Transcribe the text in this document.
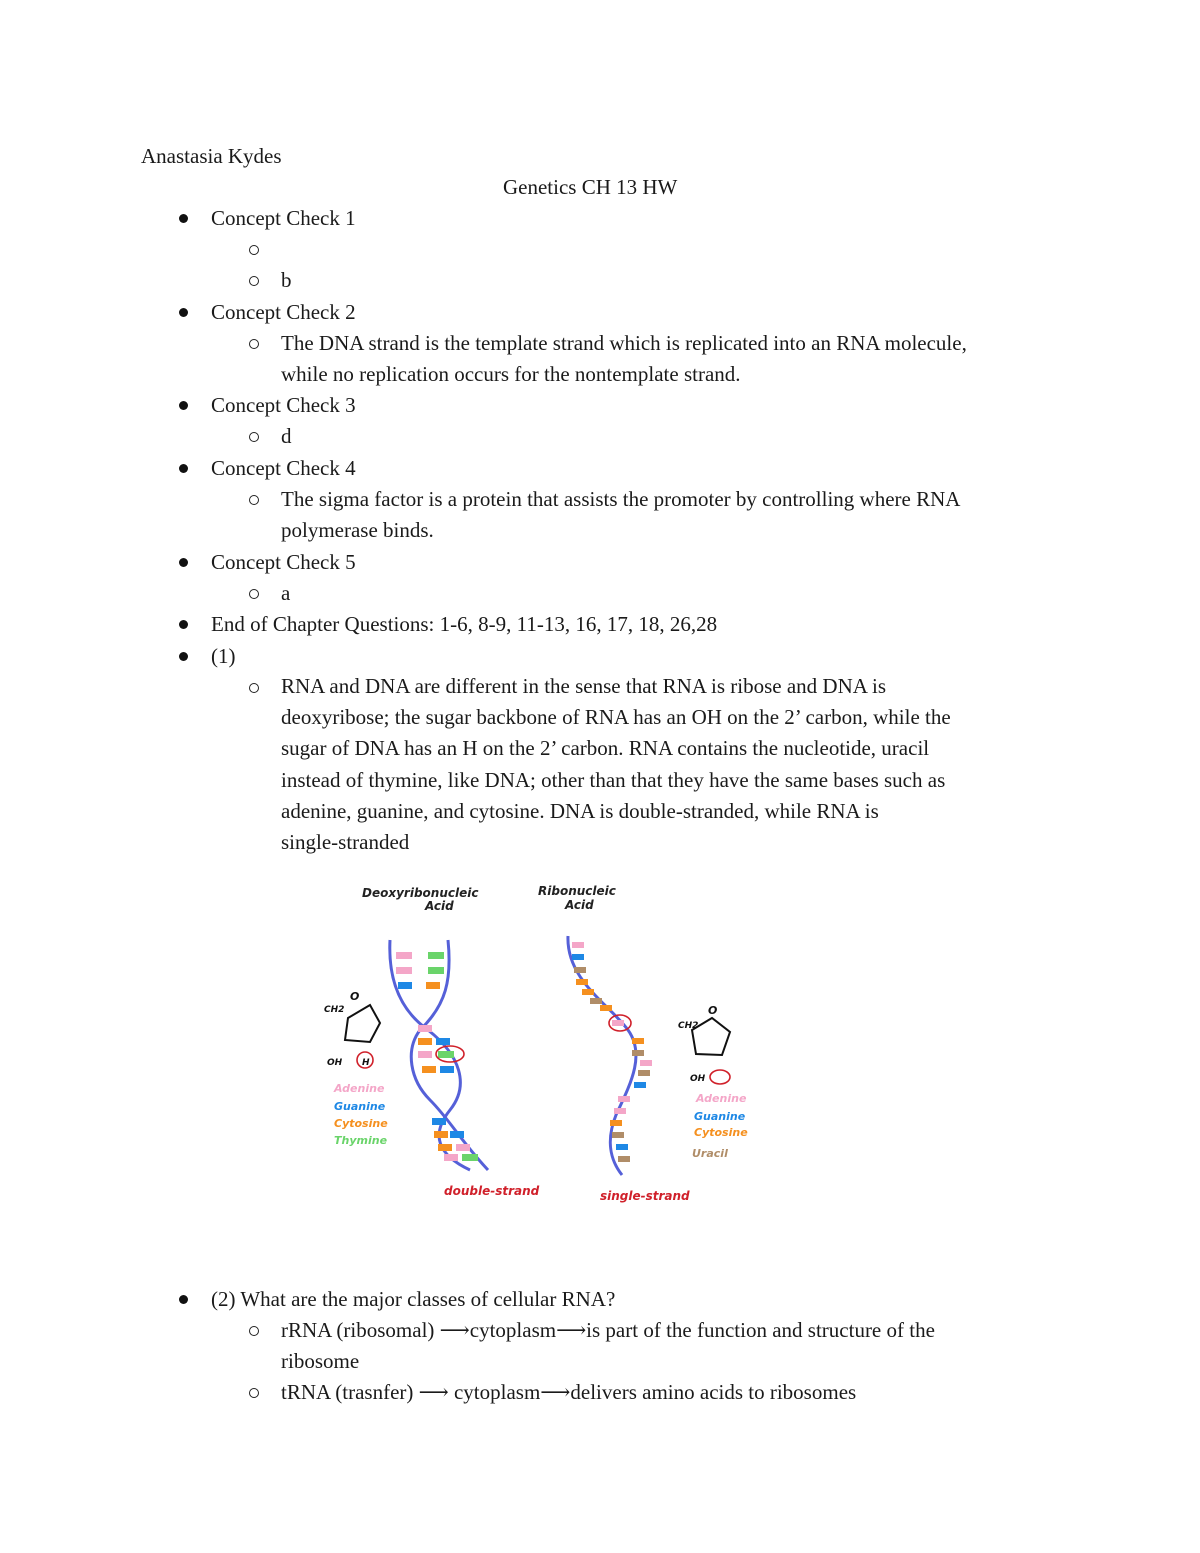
Anastasia Kydes
Genetics CH 13 HW
Concept Check 1
b
Concept Check 2
The DNA strand is the template strand which is replicated into an RNA molecule,
while no replication occurs for the nontemplate strand.
Concept Check 3
d
Concept Check 4
The sigma factor is a protein that assists the promoter by controlling where RNA
polymerase binds.
Concept Check 5
a
End of Chapter Questions: 1-6, 8-9, 11-13, 16, 17, 18, 26,28
(1)
RNA and DNA are different in the sense that RNA is ribose and DNA is
deoxyribose; the sugar backbone of RNA has an OH on the 2’ carbon, while the
sugar of DNA has an H on the 2’ carbon. RNA contains the nucleotide, uracil
instead of thymine, like DNA; other than that they have the same bases such as
adenine, guanine, and cytosine. DNA is double-stranded, while RNA is
single-stranded
Deoxyribonucleic
Acid
Ribonucleic
Acid
CH2
O
OH H
Adenine
Guanine
Cytosine
Thymine
CH2
O
OH
Adenine
Guanine
Cytosine
Uracil
double-strand	single-strand
(2) What are the major classes of cellular RNA?
rRNA (ribosomal) ⟶cytoplasm⟶is part of the function and structure of the
ribosome
tRNA (trasnfer) ⟶ cytoplasm⟶delivers amino acids to ribosomes
